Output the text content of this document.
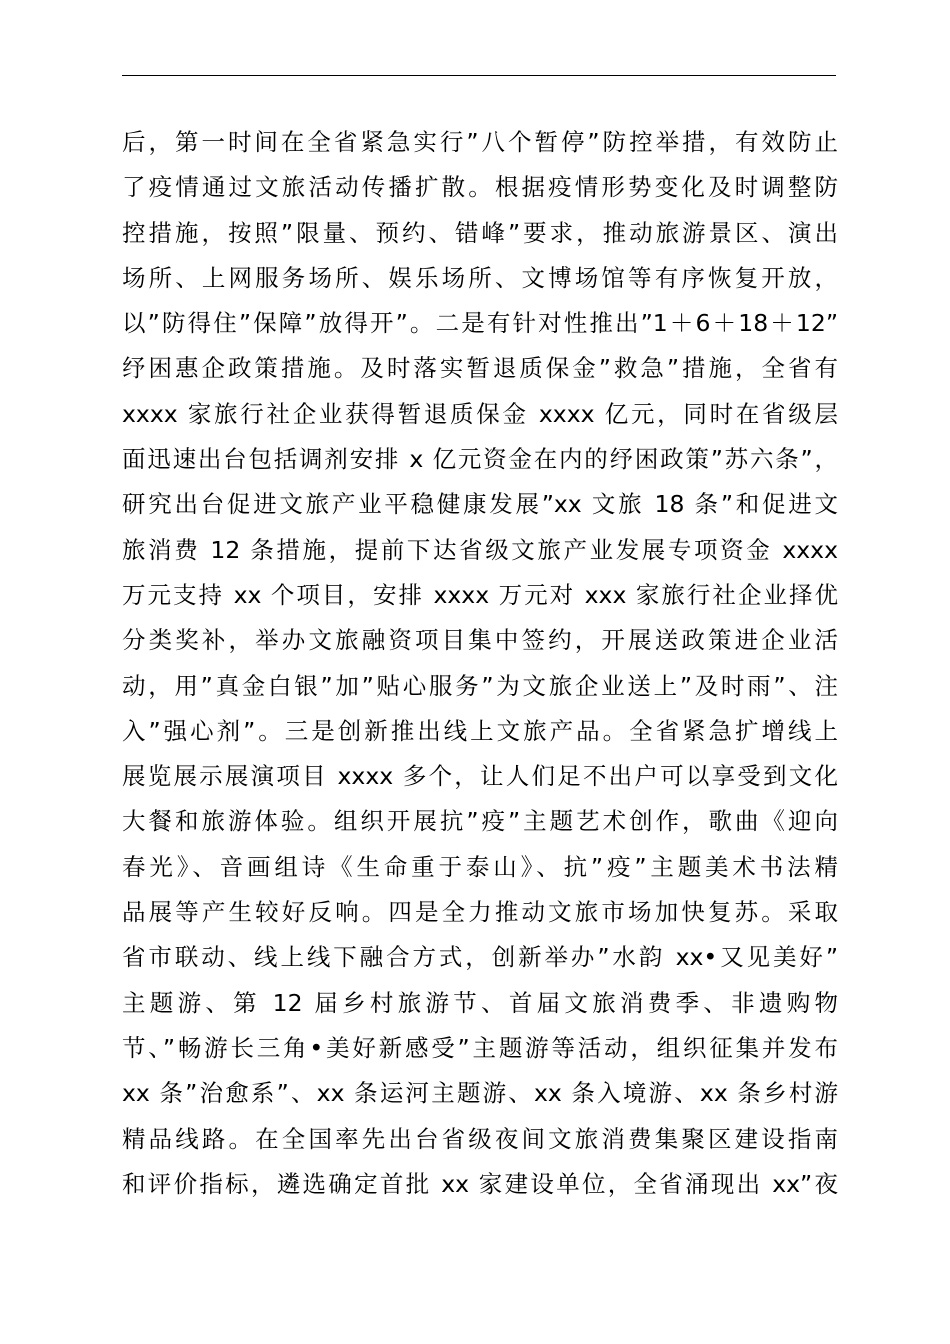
后，第一时间在全省紧急实行”八个暂停”防控举措，有效防止
了疫情通过文旅活动传播扩散。根据疫情形势变化及时调整防
控措施，按照”限量、预约、错峰”要求，推动旅游景区、演出
场所、上网服务场所、娱乐场所、文博场馆等有序恢复开放，
以”防得住”保障”放得开”。二是有针对性推出”1＋6＋18＋12”
纾困惠企政策措施。及时落实暂退质保金”救急”措施，全省有
xxxx 家旅行社企业获得暂退质保金 xxxx 亿元，同时在省级层
面迅速出台包括调剂安排 x 亿元资金在内的纾困政策”苏六条”，
研究出台促进文旅产业平稳健康发展”xx 文旅 18 条”和促进文
旅消费 12 条措施，提前下达省级文旅产业发展专项资金 xxxx
万元支持 xx 个项目，安排 xxxx 万元对 xxx 家旅行社企业择优
分类奖补，举办文旅融资项目集中签约，开展送政策进企业活
动，用”真金白银”加”贴心服务”为文旅企业送上”及时雨”、注
入”强心剂”。三是创新推出线上文旅产品。全省紧急扩增线上
展览展示展演项目 xxxx 多个，让人们足不出户可以享受到文化
大餐和旅游体验。组织开展抗”疫”主题艺术创作，歌曲《迎向
春光》、音画组诗《生命重于泰山》、抗”疫”主题美术书法精
品展等产生较好反响。四是全力推动文旅市场加快复苏。采取
省市联动、线上线下融合方式，创新举办”水韵 xx•又见美好”
主题游、第 12 届乡村旅游节、首届文旅消费季、非遗购物
节、”畅游长三角•美好新感受”主题游等活动，组织征集并发布
xx 条”治愈系”、xx 条运河主题游、xx 条入境游、xx 条乡村游
精品线路。在全国率先出台省级夜间文旅消费集聚区建设指南
和评价指标，遴选确定首批 xx 家建设单位，全省涌现出 xx”夜
